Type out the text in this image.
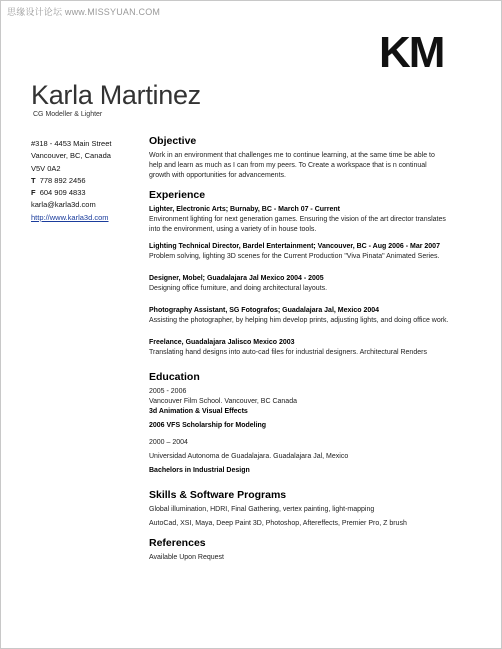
思缘设计论坛 www.MISSYUAN.COM
KM
Karla Martinez
CG Modeller & Lighter
#318 - 4453 Main Street
Vancouver, BC, Canada
V5V 0A2
T 778 892 2456
F 604 909 4833
karla@karla3d.com
http://www.karla3d.com
Objective

Work in an environment that challenges me to continue learning, at the same time be able to help and learn as much as I can from my peers. To Create a workspace that is n continual growth with opportunities for advancements.

Experience
Lighter, Electronic Arts; Burnaby, BC - March 07 - Current

Environment lighting for next generation games. Ensuring the vision of the art director translates into the environment, using a variety of in house tools.

Lighting Technical Director, Bardel Entertainment; Vancouver, BC - Aug 2006 - Mar 2007

Problem solving, lighting 3D scenes for the Current Production "Viva Pinata" Animated Series.

Designer, Mobel; Guadalajara Jal Mexico 2004 - 2005

Designing office furniture, and doing architectural layouts.

Photography Assistant, SG Fotografos; Guadalajara Jal, Mexico 2004

Assisting the photographer, by helping him develop prints, adjusting lights, and doing office work.

Freelance, Guadalajara Jalisco Mexico 2003

Translating hand designs into auto-cad files for industrial designers. Architectural Renders

Education
2005 - 2006
Vancouver Film School. Vancouver, BC Canada
3d Animation & Visual Effects
2006 VFS Scholarship for Modeling
2000 – 2004
Universidad Autonoma de Guadalajara. Guadalajara Jal, Mexico
Bachelors in Industrial Design
Skills & Software Programs
Global illumination, HDRI, Final Gathering, vertex painting, light-mapping
AutoCad, XSI, Maya, Deep Paint 3D, Photoshop, Aftereffects, Premier Pro, Z brush
References
Available Upon Request
